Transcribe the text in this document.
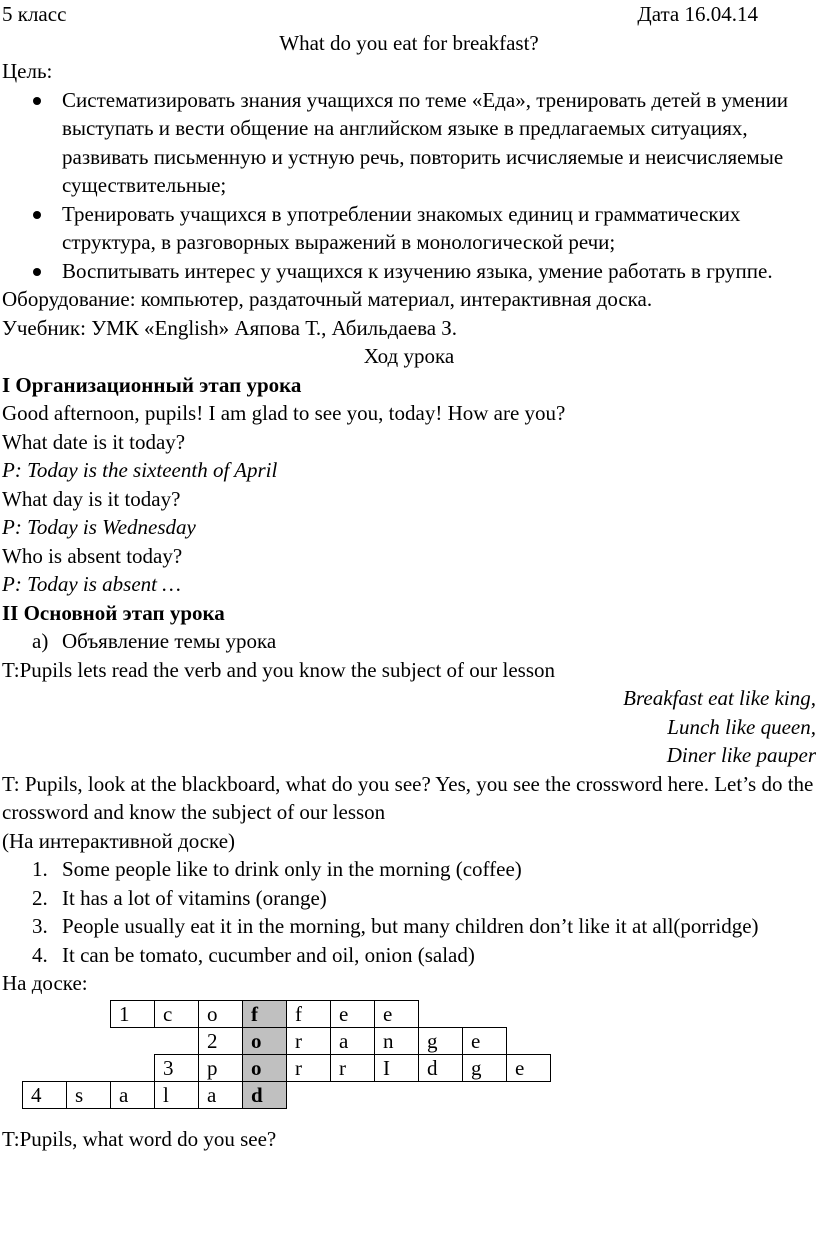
5 класс	Дата 16.04.14
What do you eat for breakfast?
Цель:
Систематизировать знания учащихся по теме «Еда», тренировать детей в умении выступать и вести общение на английском языке в предлагаемых ситуациях, развивать письменную и устную речь, повторить исчисляемые и неисчисляемые существительные;
Тренировать учащихся в употреблении знакомых единиц и грамматических структура, в разговорных выражений в монологической речи;
Воспитывать интерес у учащихся к изучению языка, умение работать в группе.
Оборудование: компьютер, раздаточный материал, интерактивная доска.
Учебник: УМК «English» Аяпова Т., Абильдаева З.
Ход урока
I Организационный этап урока
Good afternoon, pupils! I am glad to see you, today! How are you?
What date is it today?
P: Today is the sixteenth of April
What day is it today?
P: Today is Wednesday
Who is absent today?
P: Today is absent …
II Основной этап урока
а) Объявление темы урока
T:Pupils lets read the verb and you know the subject of our lesson
Breakfast eat like king,
Lunch like queen,
Diner like pauper
T: Pupils, look at the blackboard, what do you see? Yes, you see the crossword here. Let’s do the crossword and know the subject of our lesson
(На интерактивной доске)
1. Some people like to drink only in the morning (coffee)
2. It has a lot of vitamins (orange)
3. People usually eat it in the morning, but many children don’t like it at all(porridge)
4. It can be tomato, cucumber and oil, onion (salad)
На доске:
		1	c	o	f	f	e	e					
				2	o	r	a	n	g	e			
			3	p	o	r	r	I	d	g	e		
4	s	a	l	a	d								
T:Pupils, what word do you see?
